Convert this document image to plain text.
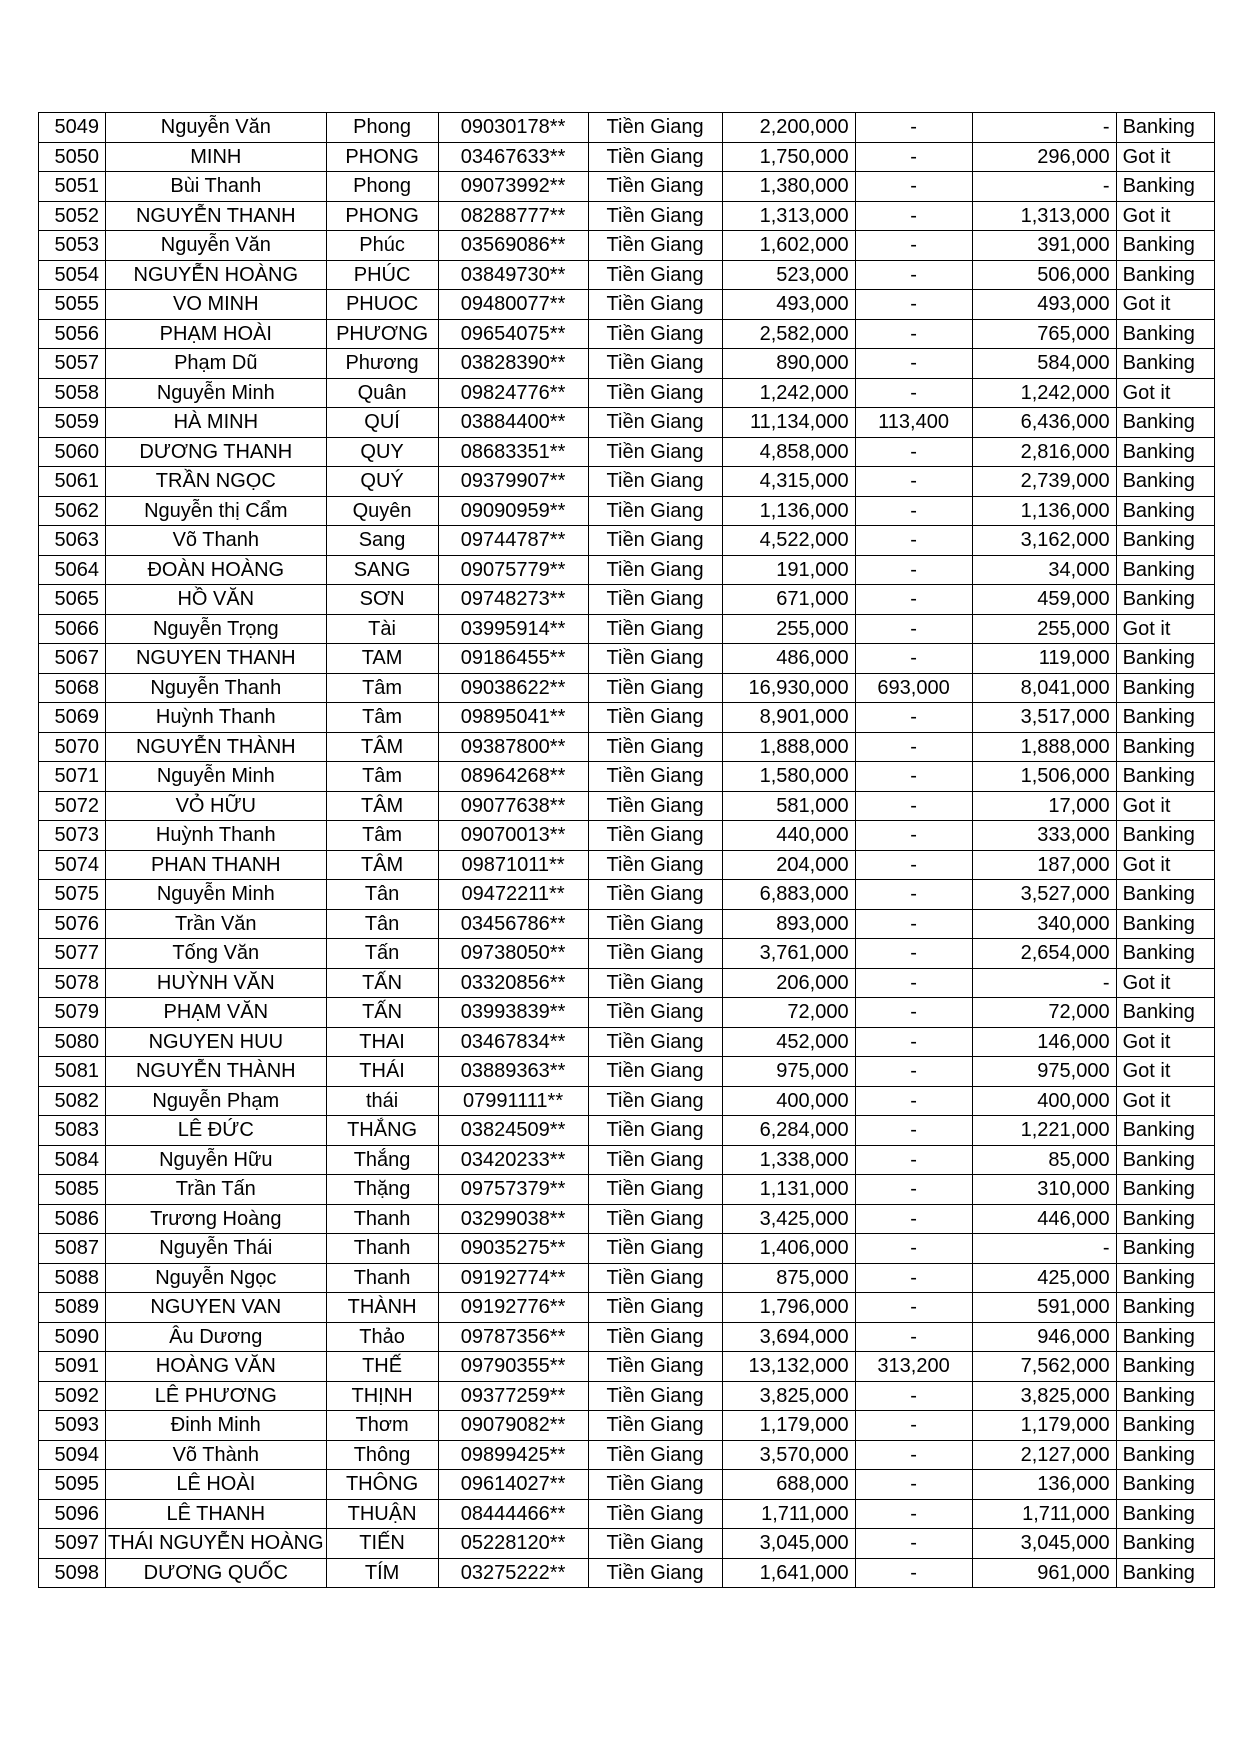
5049	Nguyễn Văn	Phong	09030178**	Tiền Giang	2,200,000	-	-	Banking
5050	MINH	PHONG	03467633**	Tiền Giang	1,750,000	-	296,000	Got it
5051	Bùi Thanh	Phong	09073992**	Tiền Giang	1,380,000	-	-	Banking
5052	NGUYỄN THANH	PHONG	08288777**	Tiền Giang	1,313,000	-	1,313,000	Got it
5053	Nguyễn Văn	Phúc	03569086**	Tiền Giang	1,602,000	-	391,000	Banking
5054	NGUYỄN HOÀNG	PHÚC	03849730**	Tiền Giang	523,000	-	506,000	Banking
5055	VO MINH	PHUOC	09480077**	Tiền Giang	493,000	-	493,000	Got it
5056	PHẠM HOÀI	PHƯƠNG	09654075**	Tiền Giang	2,582,000	-	765,000	Banking
5057	Phạm Dũ	Phương	03828390**	Tiền Giang	890,000	-	584,000	Banking
5058	Nguyễn Minh	Quân	09824776**	Tiền Giang	1,242,000	-	1,242,000	Got it
5059	HÀ MINH	QUÍ	03884400**	Tiền Giang	11,134,000	113,400	6,436,000	Banking
5060	DƯƠNG THANH	QUY	08683351**	Tiền Giang	4,858,000	-	2,816,000	Banking
5061	TRẦN NGỌC	QUÝ	09379907**	Tiền Giang	4,315,000	-	2,739,000	Banking
5062	Nguyễn thị Cẩm	Quyên	09090959**	Tiền Giang	1,136,000	-	1,136,000	Banking
5063	Võ Thanh	Sang	09744787**	Tiền Giang	4,522,000	-	3,162,000	Banking
5064	ĐOÀN HOÀNG	SANG	09075779**	Tiền Giang	191,000	-	34,000	Banking
5065	HỒ VĂN	SƠN	09748273**	Tiền Giang	671,000	-	459,000	Banking
5066	Nguyễn Trọng	Tài	03995914**	Tiền Giang	255,000	-	255,000	Got it
5067	NGUYEN THANH	TAM	09186455**	Tiền Giang	486,000	-	119,000	Banking
5068	Nguyễn Thanh	Tâm	09038622**	Tiền Giang	16,930,000	693,000	8,041,000	Banking
5069	Huỳnh Thanh	Tâm	09895041**	Tiền Giang	8,901,000	-	3,517,000	Banking
5070	NGUYỄN THÀNH	TÂM	09387800**	Tiền Giang	1,888,000	-	1,888,000	Banking
5071	Nguyễn Minh	Tâm	08964268**	Tiền Giang	1,580,000	-	1,506,000	Banking
5072	VỎ HỮU	TÂM	09077638**	Tiền Giang	581,000	-	17,000	Got it
5073	Huỳnh Thanh	Tâm	09070013**	Tiền Giang	440,000	-	333,000	Banking
5074	PHAN THANH	TÂM	09871011**	Tiền Giang	204,000	-	187,000	Got it
5075	Nguyễn Minh	Tân	09472211**	Tiền Giang	6,883,000	-	3,527,000	Banking
5076	Trần Văn	Tân	03456786**	Tiền Giang	893,000	-	340,000	Banking
5077	Tống Văn	Tấn	09738050**	Tiền Giang	3,761,000	-	2,654,000	Banking
5078	HUỲNH VĂN	TẤN	03320856**	Tiền Giang	206,000	-	-	Got it
5079	PHẠM VĂN	TẤN	03993839**	Tiền Giang	72,000	-	72,000	Banking
5080	NGUYEN HUU	THAI	03467834**	Tiền Giang	452,000	-	146,000	Got it
5081	NGUYỄN THÀNH	THÁI	03889363**	Tiền Giang	975,000	-	975,000	Got it
5082	Nguyễn Phạm	thái	07991111**	Tiền Giang	400,000	-	400,000	Got it
5083	LÊ ĐỨC	THẮNG	03824509**	Tiền Giang	6,284,000	-	1,221,000	Banking
5084	Nguyễn Hữu	Thắng	03420233**	Tiền Giang	1,338,000	-	85,000	Banking
5085	Trần Tấn	Thặng	09757379**	Tiền Giang	1,131,000	-	310,000	Banking
5086	Trương Hoàng	Thanh	03299038**	Tiền Giang	3,425,000	-	446,000	Banking
5087	Nguyễn Thái	Thanh	09035275**	Tiền Giang	1,406,000	-	-	Banking
5088	Nguyễn Ngọc	Thanh	09192774**	Tiền Giang	875,000	-	425,000	Banking
5089	NGUYEN VAN	THÀNH	09192776**	Tiền Giang	1,796,000	-	591,000	Banking
5090	Âu Dương	Thảo	09787356**	Tiền Giang	3,694,000	-	946,000	Banking
5091	HOÀNG VĂN	THẾ	09790355**	Tiền Giang	13,132,000	313,200	7,562,000	Banking
5092	LÊ PHƯƠNG	THỊNH	09377259**	Tiền Giang	3,825,000	-	3,825,000	Banking
5093	Đinh Minh	Thơm	09079082**	Tiền Giang	1,179,000	-	1,179,000	Banking
5094	Võ Thành	Thông	09899425**	Tiền Giang	3,570,000	-	2,127,000	Banking
5095	LÊ HOÀI	THÔNG	09614027**	Tiền Giang	688,000	-	136,000	Banking
5096	LÊ THANH	THUẬN	08444466**	Tiền Giang	1,711,000	-	1,711,000	Banking
5097	THÁI NGUYỄN HOÀNG	TIẾN	05228120**	Tiền Giang	3,045,000	-	3,045,000	Banking
5098	DƯƠNG QUỐC	TÍM	03275222**	Tiền Giang	1,641,000	-	961,000	Banking
